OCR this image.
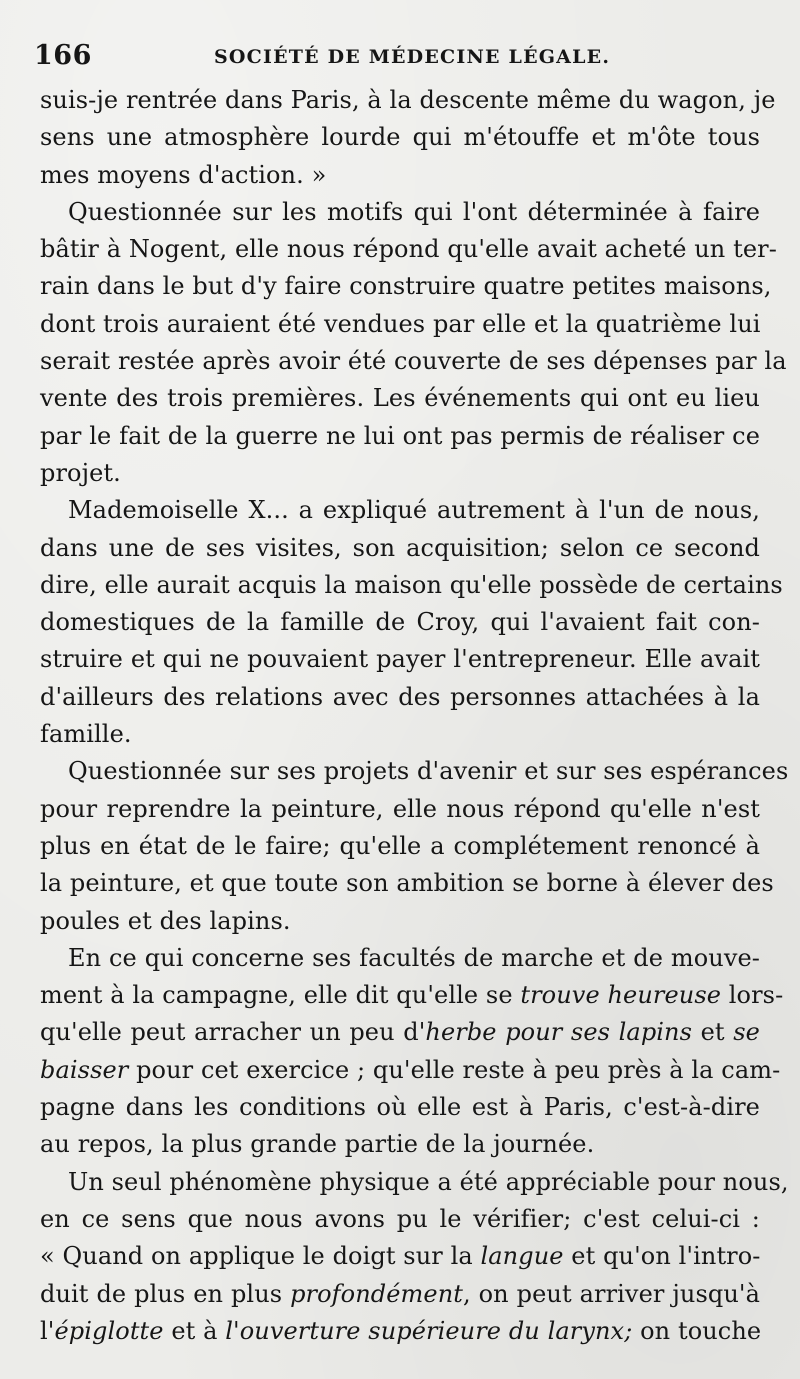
166	SOCIÉTÉ DE MÉDECINE LÉGALE.
suis-je rentrée dans Paris, à la descente même du wagon, je
sens une atmosphère lourde qui m'étouffe et m'ôte tous
mes moyens d'action. »
Questionnée sur les motifs qui l'ont déterminée à faire
bâtir à Nogent, elle nous répond qu'elle avait acheté un ter-
rain dans le but d'y faire construire quatre petites maisons,
dont trois auraient été vendues par elle et la quatrième lui
serait restée après avoir été couverte de ses dépenses par la
vente des trois premières. Les événements qui ont eu lieu
par le fait de la guerre ne lui ont pas permis de réaliser ce
projet.
Mademoiselle X... a expliqué autrement à l'un de nous,
dans une de ses visites, son acquisition; selon ce second
dire, elle aurait acquis la maison qu'elle possède de certains
domestiques de la famille de Croy, qui l'avaient fait con-
struire et qui ne pouvaient payer l'entrepreneur. Elle avait
d'ailleurs des relations avec des personnes attachées à la
famille.
Questionnée sur ses projets d'avenir et sur ses espérances
pour reprendre la peinture, elle nous répond qu'elle n'est
plus en état de le faire; qu'elle a complétement renoncé à
la peinture, et que toute son ambition se borne à élever des
poules et des lapins.
En ce qui concerne ses facultés de marche et de mouve-
ment à la campagne, elle dit qu'elle se trouve heureuse lors-
qu'elle peut arracher un peu d'herbe pour ses lapins et se
baisser pour cet exercice ; qu'elle reste à peu près à la cam-
pagne dans les conditions où elle est à Paris, c'est-à-dire
au repos, la plus grande partie de la journée.
Un seul phénomène physique a été appréciable pour nous,
en ce sens que nous avons pu le vérifier; c'est celui-ci :
« Quand on applique le doigt sur la langue et qu'on l'intro-
duit de plus en plus profondément, on peut arriver jusqu'à
l'épiglotte et à l'ouverture supérieure du larynx; on touche
